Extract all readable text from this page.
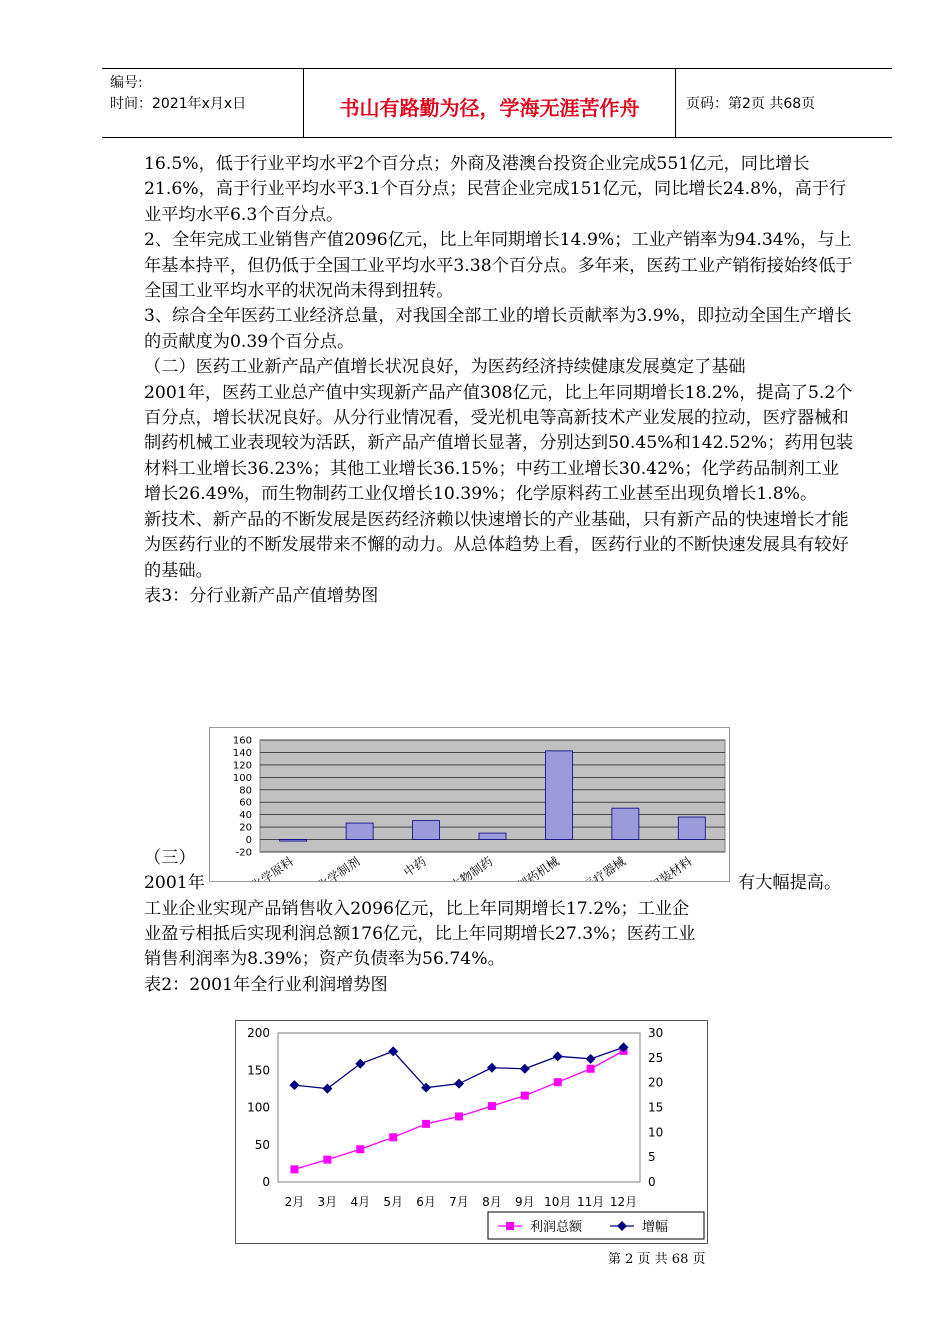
编号:
时间：2021年x月x日	书山有路勤为径，学海无涯苦作舟	页码：第2页 共68页

16.5%，低于行业平均水平2个百分点；外商及港澳台投资企业完成551亿元，同比增长21.6%，高于行业平均水平3.1个百分点；民营企业完成151亿元，同比增长24.8%，高于行业平均水平6.3个百分点。

2、全年完成工业销售产值2096亿元，比上年同期增长14.9%；工业产销率为94.34%，与上年基本持平，但仍低于全国工业平均水平3.38个百分点。多年来，医药工业产销衔接始终低于全国工业平均水平的状况尚未得到扭转。

3、综合全年医药工业经济总量，对我国全部工业的增长贡献率为3.9%，即拉动全国生产增长的贡献度为0.39个百分点。

（二）医药工业新产品产值增长状况良好，为医药经济持续健康发展奠定了基础

2001年，医药工业总产值中实现新产品产值308亿元，比上年同期增长18.2%，提高了5.2个百分点，增长状况良好。从分行业情况看，受光机电等高新技术产业发展的拉动，医疗器械和制药机械工业表现较为活跃，新产品产值增长显著，分别达到50.45%和142.52%；药用包装材料工业增长36.23%；其他工业增长36.15%；中药工业增长30.42%；化学药品制剂工业增长26.49%，而生物制药工业仅增长10.39%；化学原料药工业甚至出现负增长1.8%。

新技术、新产品的不断发展是医药经济赖以快速增长的产业基础，只有新产品的快速增长才能为医药行业的不断发展带来不懈的动力。从总体趋势上看，医药行业的不断快速发展具有较好的基础。

表3：分行业新产品产值增势图

（三）
2001年	有大幅提高。
工业企业实现产品销售收入2096亿元，比上年同期增长17.2%；工业企
业盈亏相抵后实现利润总额176亿元，比上年同期增长27.3%；医药工业
销售利润率为8.39%；资产负债率为56.74%。
表2：2001年全行业利润增势图
-20
0
20
40
60
80
100
120
140
160
化学原料 化学制剂	中药 生物制药 制药机械 医疗器械 包装材料
0
50
100
150
200
0
5
10
15
20
25
30
2月 3月 4月 5月 6月 7月 8月 9月 10月 11月 12月
利润总额	增幅
第 2 页 共 68 页
